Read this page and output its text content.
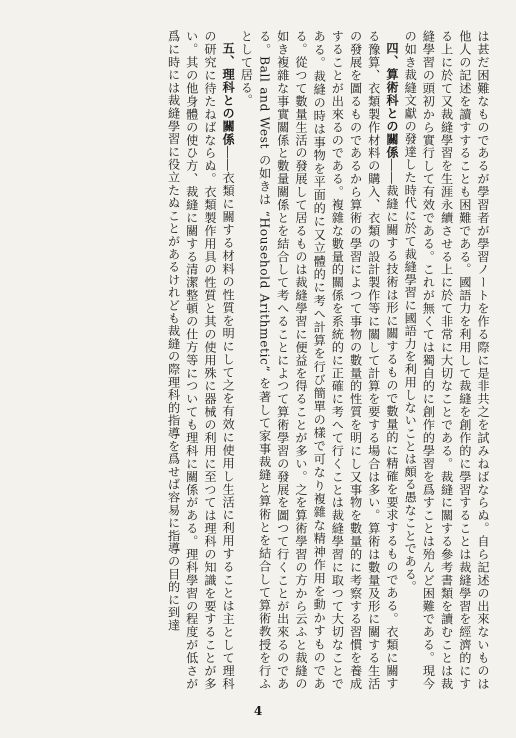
は甚だ困難なものであるが學習者が學習ノートを作る際に是非共之を試みねばならぬ。自ら記述の出來ないものは他人の記述を讀すすることも困難である。國語力を利用して裁縫を創作的に學習することは裁縫學習を經濟的にする上に於て又裁縫學習を生涯永續させる上に於て非常に大切なことである。裁縫に關する參考書類を讀むことは裁縫學習の頭初から實行して有效である。これが無くては獨自的に創作的學習を爲すことは殆んど困難である。現今の如き裁縫文獻の發達した時代に於て裁縫學習に國語力を利用しないことは頗る愚なことである。

四、算術科との關係――裁縫に關する技術は形に關するもので數量的に精確を要求するものである。衣類に關する豫算、衣類製作材料の購入、衣類の設計製作等に關して計算を要する場合は多い。算術は數量及形に關する生活の發展を圖るものであるから算術の學習によつて事物の數量的性質を明にし又事物を數量的に考察する習慣を養成することが出來るのである。複雜な數量的關係を系統的に正確に考へて行くことは裁縫學習に取つて大切なことである。裁縫の時は事物を平面的に又立體的に考へ計算を行び簡單の樣で可なり複雜な精神作用を動かすものである。從つて數量生活の發展して居るものは裁縫學習に便益を得ることが多い。之を算術學習の方から云ふと裁縫の如き複雜な事實關係と數量關係とを結合して考へることによつて算術學習の發展を圖つて行くことが出來るのである。Ball and West の如きは “Household Arithmetic” を著して家事裁縫と算術とを結合して算術教授を行ふとして居る。

五、理科との關係――衣類に關する材料の性質を明にして之を有效に使用し生活に利用することは主として理科の研究に待たねばならぬ。衣類製作用具の性質と其の使用殊に器械の利用に至つては理科の知識を要することが多い。其の他身體の使ひ方、裁縫に關する清潔整頓の仕方等についても理科に關係がある。理科學習の程度が低さが爲に時には裁縫學習に役立たぬことがあるけれども裁縫の際理科的指導を爲せば容易に指導の目的に到達

4
